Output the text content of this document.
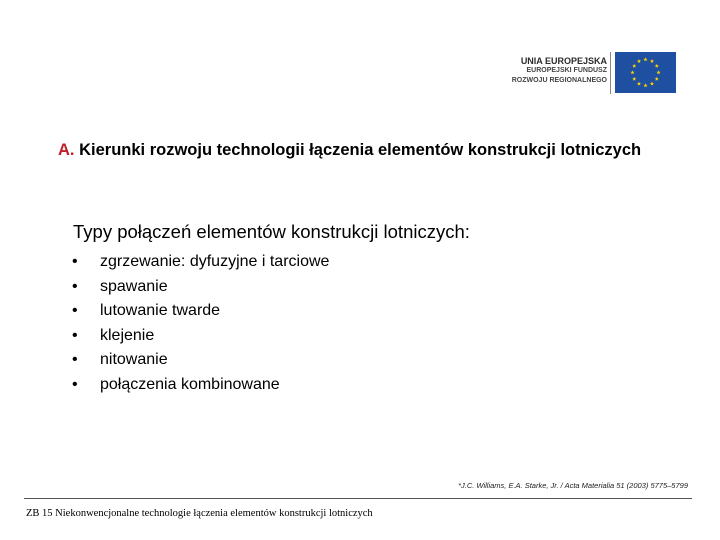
UNIA EUROPEJSKA
EUROPEJSKI FUNDUSZ
ROZWOJU REGIONALNEGO
A. Kierunki rozwoju technologii łączenia elementów konstrukcji lotniczych
Typy połączeń elementów konstrukcji lotniczych:
•	zgrzewanie: dyfuzyjne i tarciowe
•	spawanie
•	lutowanie twarde
•	klejenie
•	nitowanie
•	połączenia kombinowane
*J.C. Williams, E.A. Starke, Jr. / Acta Materialia 51 (2003) 5775–5799
ZB 15 Niekonwencjonalne technologie łączenia elementów konstrukcji lotniczych
